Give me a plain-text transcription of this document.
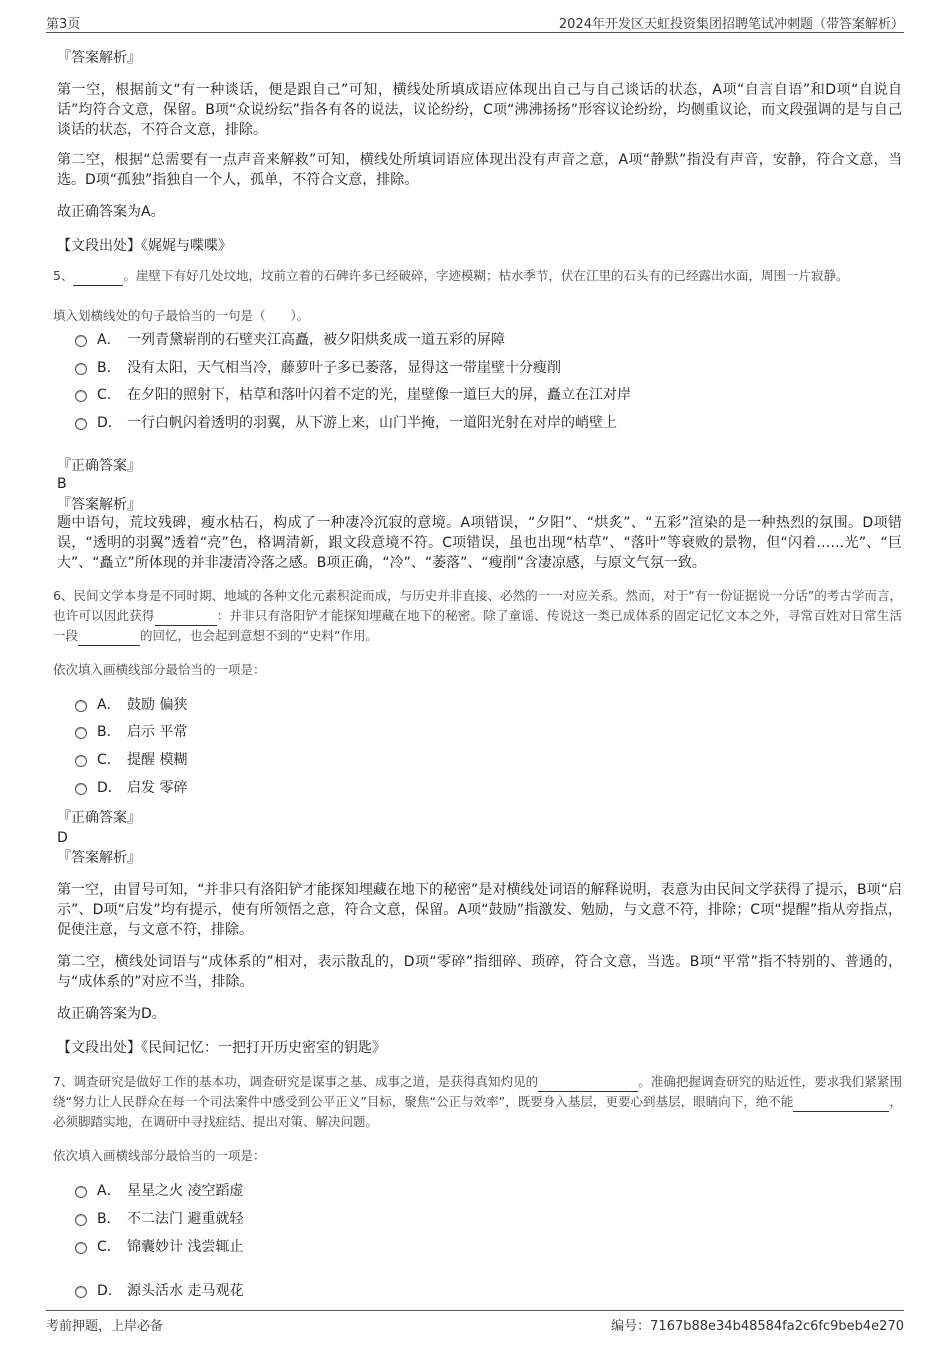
第3页	2024年开发区天虹投资集团招聘笔试冲刺题（带答案解析）
『答案解析』
第一空，根据前文“有一种谈话，便是跟自己”可知，横线处所填成语应体现出自己与自己谈话的状态，A项“自言自语”和D项“自说自话”均符合文意，保留。B项“众说纷纭”指各有各的说法，议论纷纷，C项“沸沸扬扬”形容议论纷纷，均侧重议论，而文段强调的是与自己谈话的状态，不符合文意，排除。
第二空，根据“总需要有一点声音来解救”可知，横线处所填词语应体现出没有声音之意，A项“静默”指没有声音，安静，符合文意，当选。D项“孤独”指独自一个人，孤单，不符合文意，排除。
故正确答案为A。
【文段出处】《娓娓与喋喋》
5、	。崖壁下有好几处坟地，坟前立着的石碑许多已经破碎，字迹模糊；枯水季节，伏在江里的石头有的已经露出水面，周围一片寂静。
填入划横线处的句子最恰当的一句是（　　）。
A． 一列青黛崭削的石壁夹江高矗，被夕阳烘炙成一道五彩的屏障
B． 没有太阳，天气相当冷，藤萝叶子多已萎落，显得这一带崖壁十分瘦削
C． 在夕阳的照射下，枯草和落叶闪着不定的光，崖壁像一道巨大的屏，矗立在江对岸
D． 一行白帆闪着透明的羽翼，从下游上来，山门半掩，一道阳光射在对岸的峭壁上
『正确答案』
B
『答案解析』
题中语句，荒坟残碑，瘦水枯石，构成了一种凄冷沉寂的意境。A项错误，“夕阳”、“烘炙”、“五彩”渲染的是一种热烈的氛围。D项错误，“透明的羽翼”透着“亮”色，格调清新，跟文段意境不符。C项错误，虽也出现“枯草”、“落叶”等衰败的景物，但“闪着……光”、“巨大”、“矗立”所体现的并非凄清冷落之感。B项正确，“冷”、“萎落”、“瘦削”含凄凉感，与原文气氛一致。
6、民间文学本身是不同时期、地域的各种文化元素积淀而成，与历史并非直接、必然的一一对应关系。然而，对于“有一份证据说一分话”的考古学而言，也许可以因此获得	：并非只有洛阳铲才能探知埋藏在地下的秘密。除了童谣、传说这一类已成体系的固定记忆文本之外，寻常百姓对日常生活一段	的回忆，也会起到意想不到的“史料”作用。
依次填入画横线部分最恰当的一项是：
A． 鼓励 偏狭
B． 启示 平常
C． 提醒 模糊
D． 启发 零碎
『正确答案』
D
『答案解析』
第一空，由冒号可知，“并非只有洛阳铲才能探知埋藏在地下的秘密”是对横线处词语的解释说明，表意为由民间文学获得了提示，B项“启示”、D项“启发”均有提示，使有所领悟之意，符合文意，保留。A项“鼓励”指激发、勉励，与文意不符，排除；C项“提醒”指从旁指点，促使注意，与文意不符，排除。
第二空，横线处词语与“成体系的”相对，表示散乱的，D项“零碎”指细碎、琐碎，符合文意，当选。B项“平常”指不特别的、普通的，与“成体系的”对应不当，排除。
故正确答案为D。
【文段出处】《民间记忆：一把打开历史密室的钥匙》
7、调查研究是做好工作的基本功，调查研究是谋事之基、成事之道，是获得真知灼见的	。准确把握调查研究的贴近性，要求我们紧紧围绕“努力让人民群众在每一个司法案件中感受到公平正义”目标，聚焦“公正与效率”，既要身入基层，更要心到基层，眼睛向下，绝不能	，必须脚踏实地，在调研中寻找症结、提出对策、解决问题。
依次填入画横线部分最恰当的一项是：
A． 星星之火 凌空蹈虚
B． 不二法门 避重就轻
C． 锦囊妙计 浅尝辄止
D． 源头活水 走马观花
考前押题，上岸必备	编号：7167b88e34b48584fa2c6fc9beb4e270
